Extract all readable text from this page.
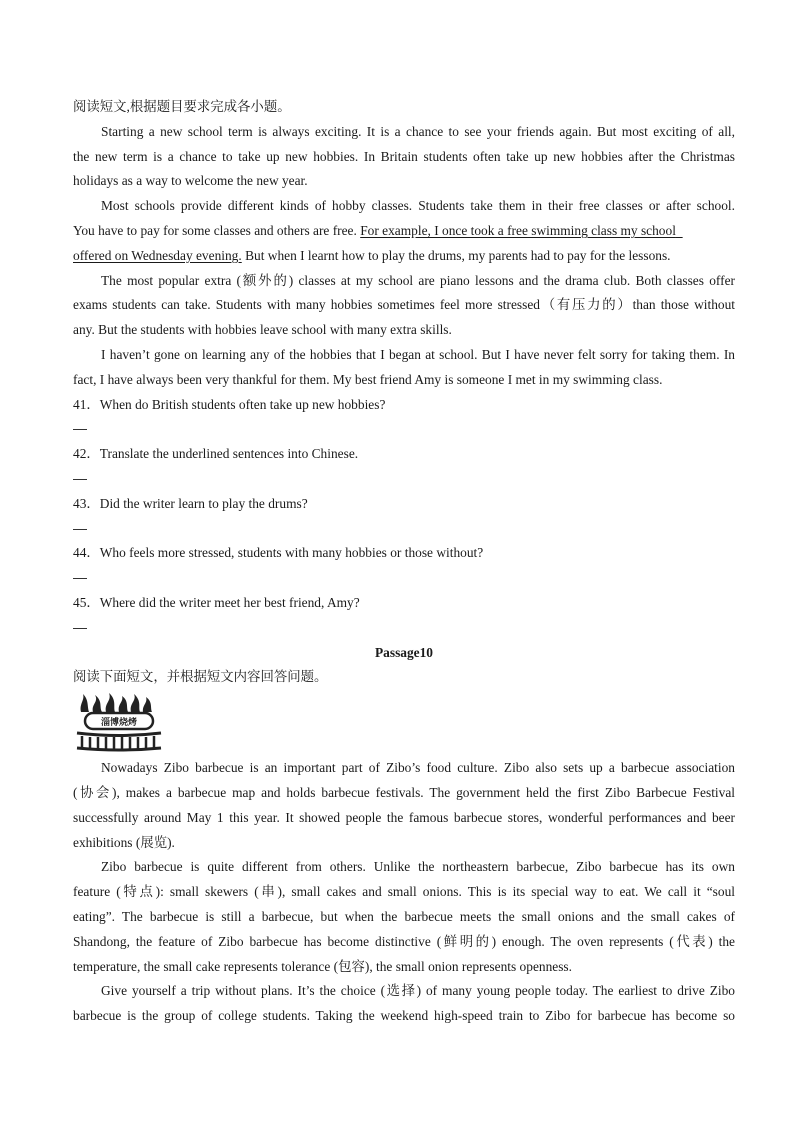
阅读短文,根据题目要求完成各小题。
Starting a new school term is always exciting. It is a chance to see your friends again. But most exciting of all,
the new term is a chance to take up new hobbies. In Britain students often take up new hobbies after the Christmas
holidays as a way to welcome the new year.
Most schools provide different kinds of hobby classes. Students take them in their free classes or after school.
You have to pay for some classes and others are free. For example, I once took a free swimming class my school
offered on Wednesday evening. But when I learnt how to play the drums, my parents had to pay for the lessons.
The most popular extra (额外的) classes at my school are piano lessons and the drama club. Both classes offer
exams students can take. Students with many hobbies sometimes feel more stressed（有压力的）than those without
any. But the students with hobbies leave school with many extra skills.
I haven’t gone on learning any of the hobbies that I began at school. But I have never felt sorry for taking them. In
fact, I have always been very thankful for them. My best friend Amy is someone I met in my swimming class.
41．When do British students often take up new hobbies?
42．Translate the underlined sentences into Chinese.
43．Did the writer learn to play the drums?
44．Who feels more stressed, students with many hobbies or those without?
45．Where did the writer meet her best friend, Amy?
Passage10
阅读下面短文，并根据短文内容回答问题。
淄博烧烤
Nowadays Zibo barbecue is an important part of Zibo’s food culture. Zibo also sets up a barbecue association
(协会), makes a barbecue map and holds barbecue festivals. The government held the first Zibo Barbecue Festival
successfully around May 1 this year. It showed people the famous barbecue stores, wonderful performances and beer
exhibitions (展览).
Zibo barbecue is quite different from others. Unlike the northeastern barbecue, Zibo barbecue has its own
feature (特点): small skewers (串), small cakes and small onions. This is its special way to eat. We call it “soul
eating”. The barbecue is still a barbecue, but when the barbecue meets the small onions and the small cakes of
Shandong, the feature of Zibo barbecue has become distinctive (鲜明的) enough. The oven represents (代表) the
temperature, the small cake represents tolerance (包容), the small onion represents openness.
Give yourself a trip without plans. It’s the choice (选择) of many young people today. The earliest to drive Zibo
barbecue is the group of college students. Taking the weekend high-speed train to Zibo for barbecue has become so
